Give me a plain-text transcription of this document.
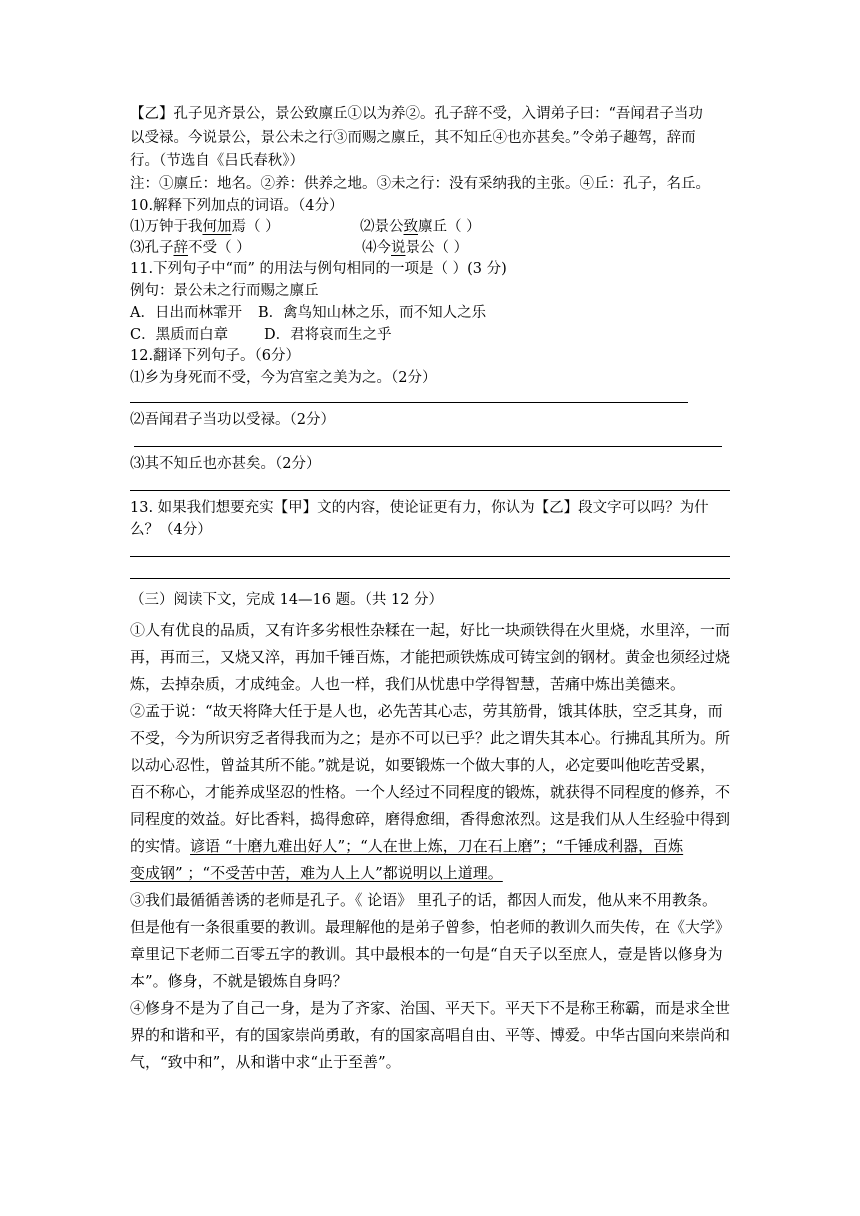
【乙】孔子见齐景公，景公致廪丘①以为养②。孔子辞不受，入谓弟子曰：“吾闻君子当功
以受禄。今说景公，景公未之行③而赐之廪丘，其不知丘④也亦甚矣。”令弟子趣驾，辞而
行。（节选自《吕氏春秋》）
注：①廪丘：地名。②养：供养之地。③未之行：没有采纳我的主张。④丘：孔子，名丘。
10.解释下列加点的词语。（4分）
⑴万钟于我何加焉（ ）	⑵景公致廪丘（ ）
⑶孔子辞不受（ ）	⑷今说景公（ ）
11.下列句子中“而” 的用法与例句相同的一项是（ ）(3 分)
例句：景公未之行而赐之廪丘
A．日出而林霏开 B．禽鸟知山林之乐，而不知人之乐
C．黑质而白章 D．君将哀而生之乎
12.翻译下列句子。（6分）
⑴乡为身死而不受，今为宫室之美为之。（2分）
⑵吾闻君子当功以受禄。（2分）
⑶其不知丘也亦甚矣。（2分）
13. 如果我们想要充实【甲】文的内容，使论证更有力，你认为【乙】段文字可以吗？为什
么？（4分）
（三）阅读下文，完成 14—16 题。（共 12 分）
①人有优良的品质，又有许多劣根性杂糅在一起，好比一块顽铁得在火里烧，水里淬，一而
再，再而三，又烧又淬，再加千锤百炼，才能把顽铁炼成可铸宝剑的钢材。黄金也须经过烧
炼，去掉杂质，才成纯金。人也一样，我们从忧患中学得智慧，苦痛中炼出美德来。
②孟于说：“故天将降大任于是人也，必先苦其心志，劳其筋骨，饿其体肤，空乏其身，而
不受，今为所识穷乏者得我而为之；是亦不可以已乎？此之谓失其本心。行拂乱其所为。所
以动心忍性，曾益其所不能。”就是说，如要锻炼一个做大事的人，必定要叫他吃苦受累，
百不称心，才能养成坚忍的性格。一个人经过不同程度的锻炼，就获得不同程度的修养，不
同程度的效益。好比香料，捣得愈碎，磨得愈细，香得愈浓烈。这是我们从人生经验中得到
的实情。谚语 “十磨九难出好人”；“人在世上炼，刀在石上磨”；“千锤成利器，百炼
变成钢” ；“不受苦中苦，难为人上人”都说明以上道理。
③我们最循循善诱的老师是孔子。《 论语》 里孔子的话，都因人而发，他从来不用教条。
但是他有一条很重要的教训。最理解他的是弟子曾参，怕老师的教训久而失传，在《大学》
章里记下老师二百零五字的教训。其中最根本的一句是“自天子以至庶人，壹是皆以修身为
本”。修身，不就是锻炼自身吗？
④修身不是为了自己一身，是为了齐家、治国、平天下。平天下不是称王称霸，而是求全世
界的和谐和平，有的国家崇尚勇敢，有的国家高唱自由、平等、博爱。中华古国向来崇尚和
气，“致中和”，从和谐中求“止于至善”。
